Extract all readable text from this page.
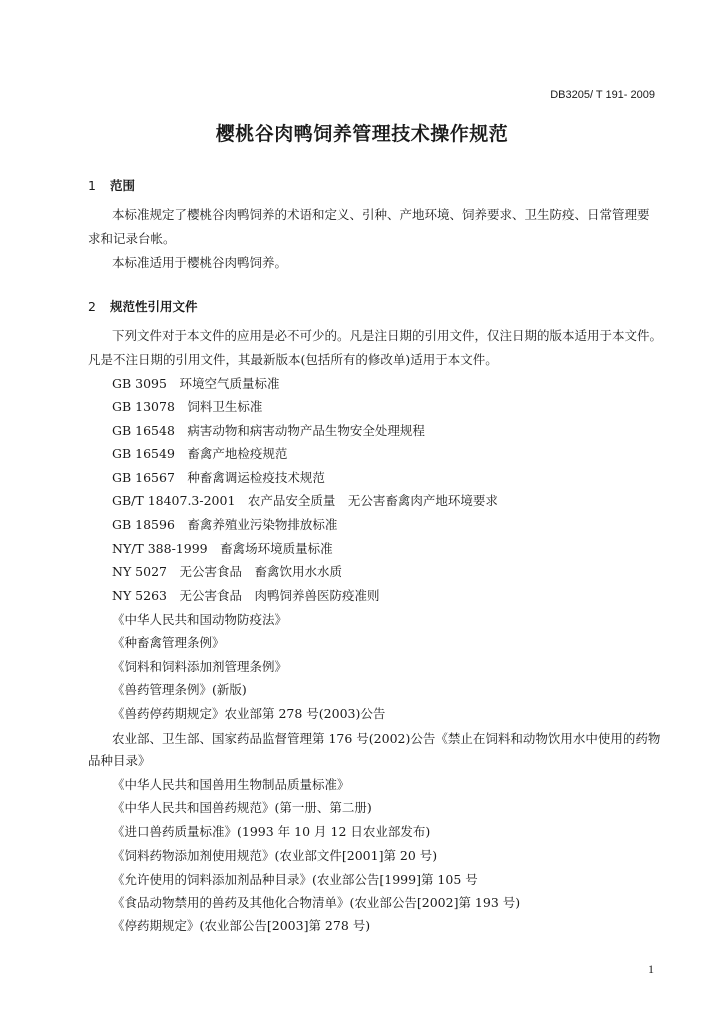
DB3205/ T 191- 2009
樱桃谷肉鸭饲养管理技术操作规范
1 范围
本标准规定了樱桃谷肉鸭饲养的术语和定义、引种、产地环境、饲养要求、卫生防疫、日常管理要
求和记录台帐。
本标准适用于樱桃谷肉鸭饲养。
2 规范性引用文件
下列文件对于本文件的应用是必不可少的。凡是注日期的引用文件，仅注日期的版本适用于本文件。
凡是不注日期的引用文件，其最新版本(包括所有的修改单)适用于本文件。
GB 3095　环境空气质量标准
GB 13078　饲料卫生标准
GB 16548　病害动物和病害动物产品生物安全处理规程
GB 16549　畜禽产地检疫规范
GB 16567　种畜禽调运检疫技术规范
GB/T 18407.3-2001　农产品安全质量　无公害畜禽肉产地环境要求
GB 18596　畜禽养殖业污染物排放标准
NY/T 388-1999　畜禽场环境质量标准
NY 5027　无公害食品　畜禽饮用水水质
NY 5263　无公害食品　肉鸭饲养兽医防疫准则
《中华人民共和国动物防疫法》
《种畜禽管理条例》
《饲料和饲料添加剂管理条例》
《兽药管理条例》(新版)
《兽药停药期规定》农业部第 278 号(2003)公告
农业部、卫生部、国家药品监督管理第 176 号(2002)公告《禁止在饲料和动物饮用水中使用的药物
品种目录》
《中华人民共和国兽用生物制品质量标准》
《中华人民共和国兽药规范》(第一册、第二册)
《进口兽药质量标准》(1993 年 10 月 12 日农业部发布)
《饲料药物添加剂使用规范》(农业部文件[2001]第 20 号)
《允许使用的饲料添加剂品种目录》(农业部公告[1999]第 105 号
《食品动物禁用的兽药及其他化合物清单》(农业部公告[2002]第 193 号)
《停药期规定》(农业部公告[2003]第 278 号)
1
